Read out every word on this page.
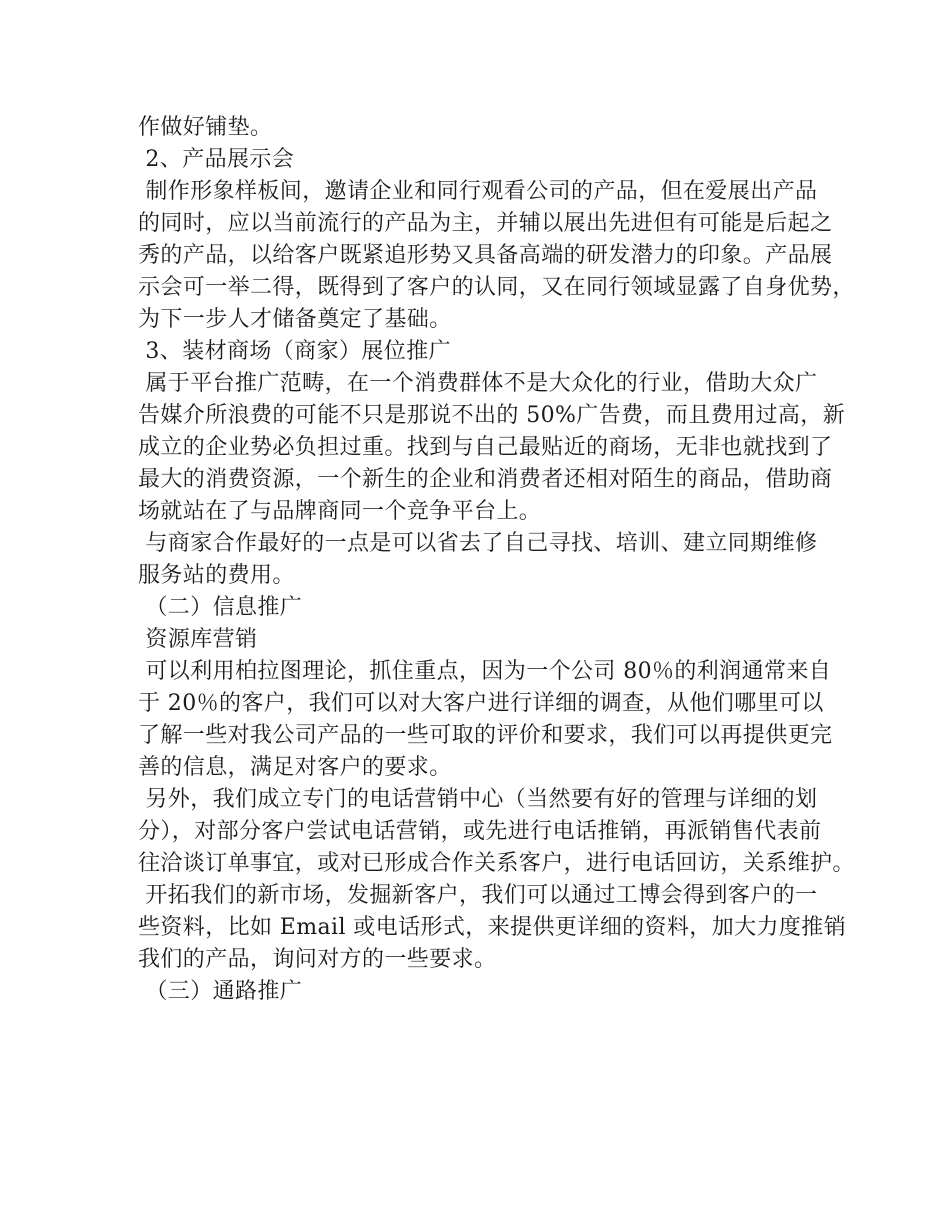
作做好铺垫。

2、产品展示会

制作形象样板间，邀请企业和同行观看公司的产品，但在爱展出产品

的同时，应以当前流行的产品为主，并辅以展出先进但有可能是后起之

秀的产品，以给客户既紧追形势又具备高端的研发潜力的印象。产品展

示会可一举二得，既得到了客户的认同，又在同行领域显露了自身优势，

为下一步人才储备奠定了基础。

3、装材商场（商家）展位推广

属于平台推广范畴，在一个消费群体不是大众化的行业，借助大众广

告媒介所浪费的可能不只是那说不出的 50%广告费，而且费用过高，新

成立的企业势必负担过重。找到与自己最贴近的商场，无非也就找到了

最大的消费资源，一个新生的企业和消费者还相对陌生的商品，借助商

场就站在了与品牌商同一个竞争平台上。

与商家合作最好的一点是可以省去了自己寻找、培训、建立同期维修

服务站的费用。

（二）信息推广

资源库营销

可以利用柏拉图理论，抓住重点，因为一个公司 80％的利润通常来自

于 20％的客户，我们可以对大客户进行详细的调查，从他们哪里可以

了解一些对我公司产品的一些可取的评价和要求，我们可以再提供更完

善的信息，满足对客户的要求。

另外，我们成立专门的电话营销中心（当然要有好的管理与详细的划

分），对部分客户尝试电话营销，或先进行电话推销，再派销售代表前

往洽谈订单事宜，或对已形成合作关系客户，进行电话回访，关系维护。

开拓我们的新市场，发掘新客户，我们可以通过工博会得到客户的一

些资料，比如 Email 或电话形式，来提供更详细的资料，加大力度推销

我们的产品，询问对方的一些要求。

（三）通路推广
